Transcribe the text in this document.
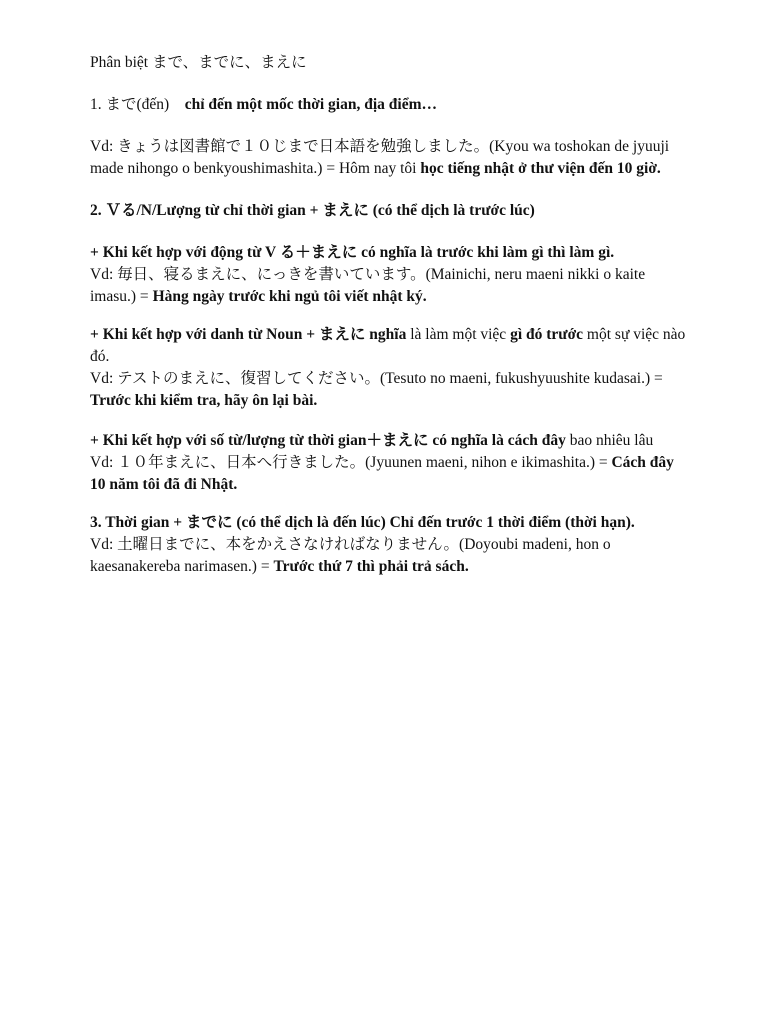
Phân biệt まで、までに、まえに

1. まで(đến) chỉ đến một mốc thời gian, địa điểm…

Vd: きょうは図書館で１０じまで日本語を勉強しました。(Kyou wa toshokan de jyuuji made nihongo o benkyoushimashita.) = Hôm nay tôi học tiếng nhật ở thư viện đến 10 giờ.

2. Ｖる/N/Lượng từ chỉ thời gian + まえに (có thể dịch là trước lúc)

+ Khi kết hợp với động từ V る＋まえに có nghĩa là trước khi làm gì thì làm gì.

Vd: 毎日、寝るまえに、にっきを書いています。(Mainichi, neru maeni nikki o kaite imasu.) = Hàng ngày trước khi ngủ tôi viết nhật ký.

+ Khi kết hợp với danh từ Noun + まえに nghĩa là làm một việc gì đó trước một sự việc nào đó.

Vd: テストのまえに、復習してください。(Tesuto no maeni, fukushyuushite kudasai.) = Trước khi kiểm tra, hãy ôn lại bài.

+ Khi kết hợp với số từ/lượng từ thời gian＋まえに có nghĩa là cách đây bao nhiêu lâu

Vd: １０年まえに、日本へ行きました。(Jyuunen maeni, nihon e ikimashita.) = Cách đây 10 năm tôi đã đi Nhật.

3. Thời gian + までに (có thể dịch là đến lúc) Chỉ đến trước 1 thời điểm (thời hạn).

Vd: 土曜日までに、本をかえさなければなりません。(Doyoubi madeni, hon o kaesanakereba narimasen.) = Trước thứ 7 thì phải trả sách.
